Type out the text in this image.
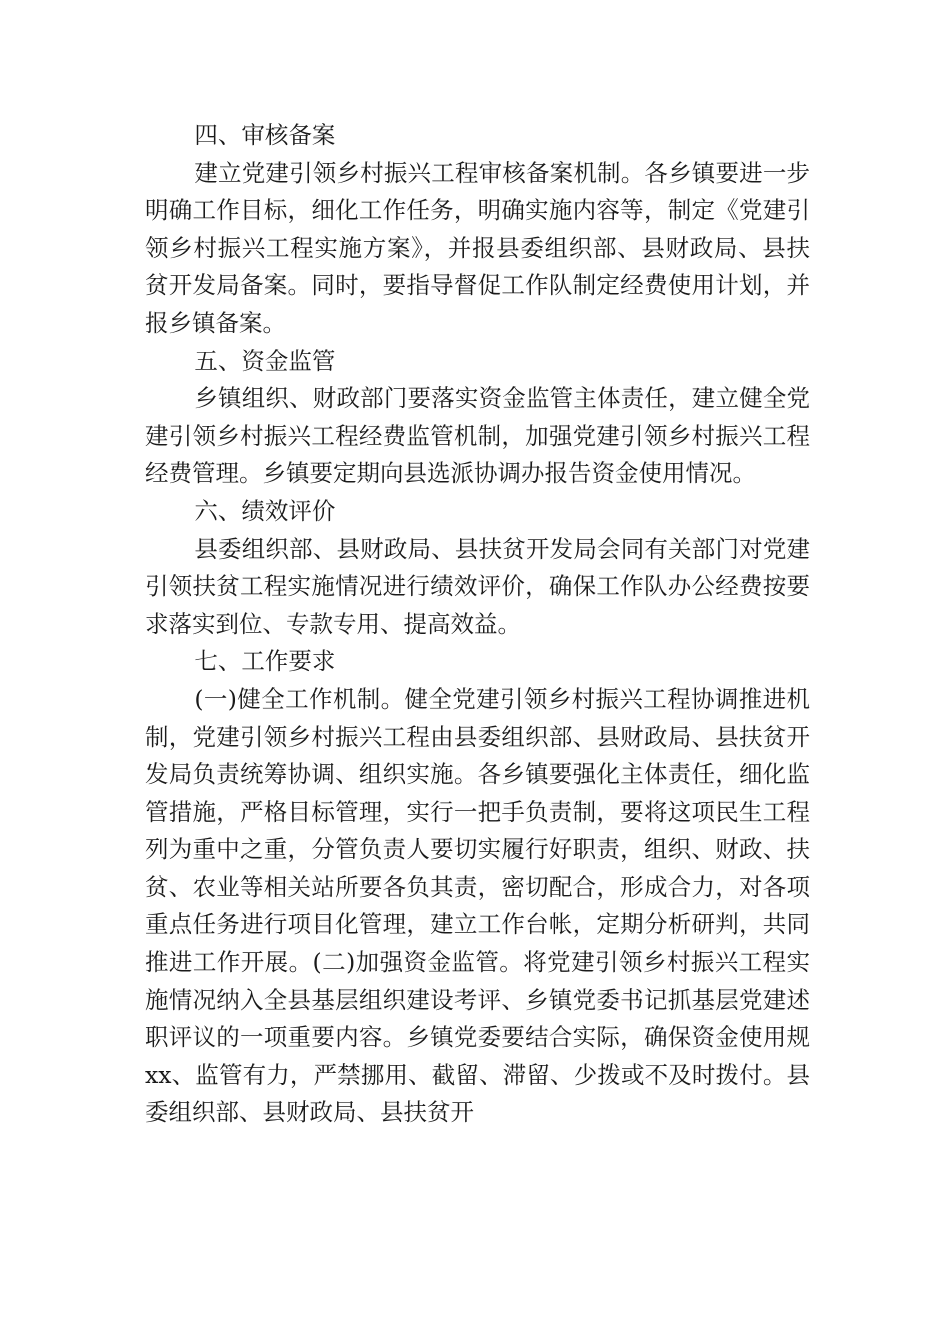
四、审核备案

建立党建引领乡村振兴工程审核备案机制。各乡镇要进一步明确工作目标，细化工作任务，明确实施内容等，制定《党建引领乡村振兴工程实施方案》，并报县委组织部、县财政局、县扶贫开发局备案。同时，要指导督促工作队制定经费使用计划，并报乡镇备案。

五、资金监管

乡镇组织、财政部门要落实资金监管主体责任，建立健全党建引领乡村振兴工程经费监管机制，加强党建引领乡村振兴工程经费管理。乡镇要定期向县选派协调办报告资金使用情况。

六、绩效评价

县委组织部、县财政局、县扶贫开发局会同有关部门对党建引领扶贫工程实施情况进行绩效评价，确保工作队办公经费按要求落实到位、专款专用、提高效益。

七、工作要求

(一)健全工作机制。健全党建引领乡村振兴工程协调推进机制，党建引领乡村振兴工程由县委组织部、县财政局、县扶贫开发局负责统筹协调、组织实施。各乡镇要强化主体责任，细化监管措施，严格目标管理，实行一把手负责制，要将这项民生工程列为重中之重，分管负责人要切实履行好职责，组织、财政、扶贫、农业等相关站所要各负其责，密切配合，形成合力，对各项重点任务进行项目化管理，建立工作台帐，定期分析研判，共同推进工作开展。(二)加强资金监管。将党建引领乡村振兴工程实施情况纳入全县基层组织建设考评、乡镇党委书记抓基层党建述职评议的一项重要内容。乡镇党委要结合实际，确保资金使用规xx、监管有力，严禁挪用、截留、滞留、少拨或不及时拨付。县委组织部、县财政局、县扶贫开
